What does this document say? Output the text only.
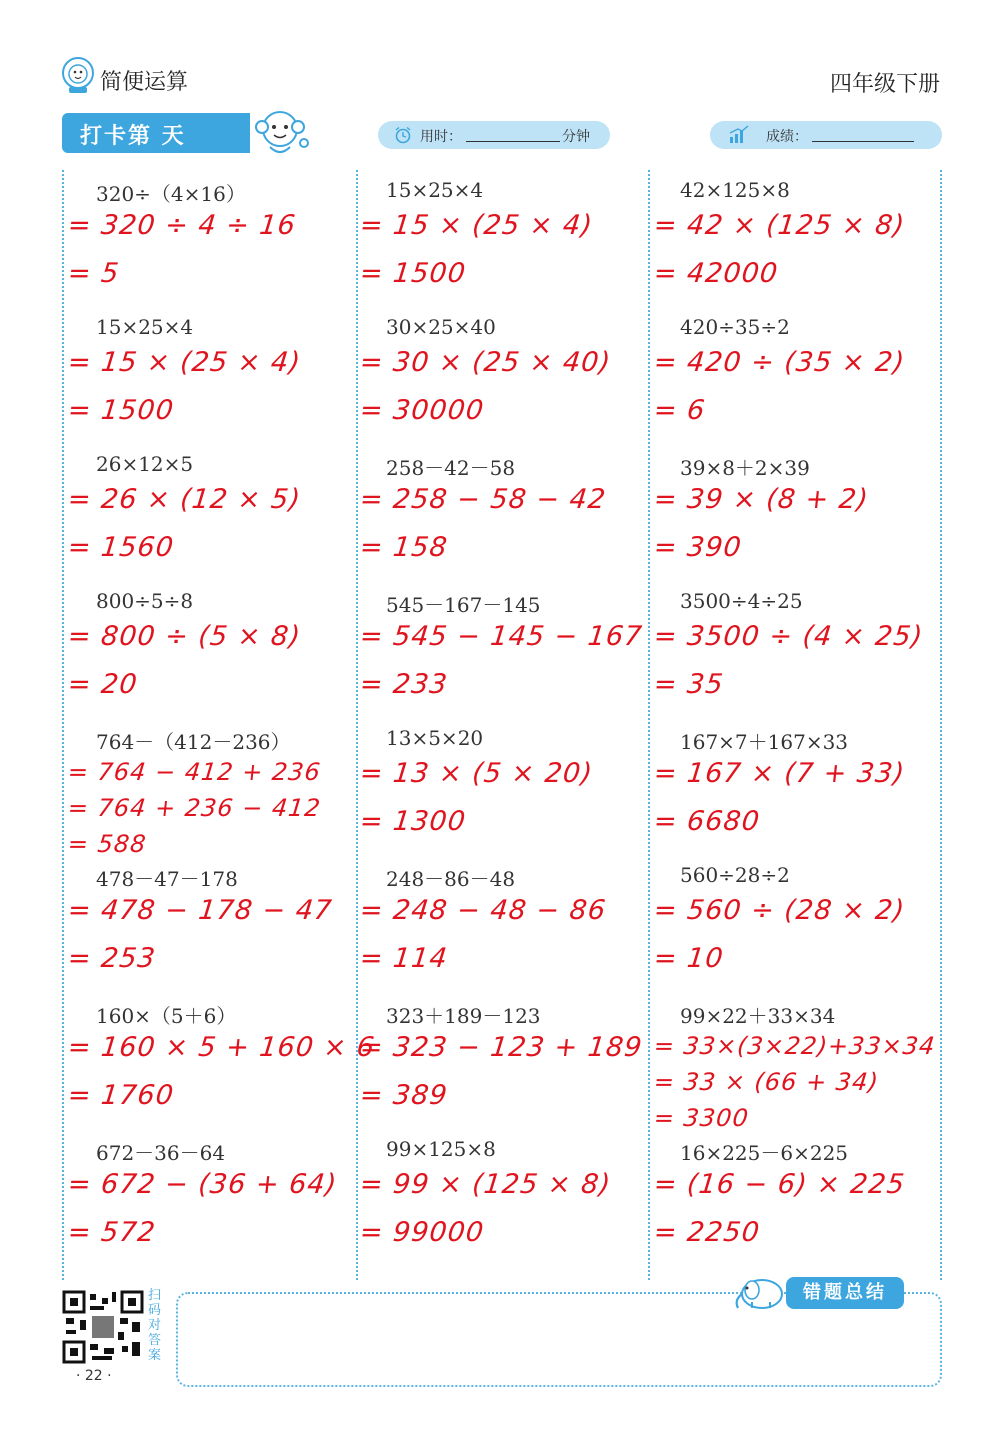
简便运算	四年级下册
打卡第 天	用时：	分钟	成绩：
320÷（4×16）
= 320 ÷ 4 ÷ 16
= 5
15×25×4
= 15 × (25 × 4)
= 1500
26×12×5
= 26 × (12 × 5)
= 1560
800÷5÷8
= 800 ÷ (5 × 8)
= 20
764－（412－236）
= 764 − 412 + 236
= 764 + 236 − 412
= 588
478－47－178
= 478 − 178 − 47
= 253
160×（5＋6）
= 160 × 5 + 160 × 6
= 1760
672－36－64
= 672 − (36 + 64)
= 572
15×25×4
= 15 × (25 × 4)
= 1500
30×25×40
= 30 × (25 × 40)
= 30000
258－42－58
= 258 − 58 − 42
= 158
545－167－145
= 545 − 145 − 167
= 233
13×5×20
= 13 × (5 × 20)
= 1300
248－86－48
= 248 − 48 − 86
= 114
323＋189－123
= 323 − 123 + 189
= 389
99×125×8
= 99 × (125 × 8)
= 99000
42×125×8
= 42 × (125 × 8)
= 42000
420÷35÷2
= 420 ÷ (35 × 2)
= 6
39×8＋2×39
= 39 × (8 + 2)
= 390
3500÷4÷25
= 3500 ÷ (4 × 25)
= 35
167×7＋167×33
= 167 × (7 + 33)
= 6680
560÷28÷2
= 560 ÷ (28 × 2)
= 10
99×22＋33×34
= 33×(3×22)+33×34
= 33 × (66 + 34)
= 3300
16×225－6×225
= (16 − 6) × 225
= 2250
扫码对答案
· 22 ·
错题总结
